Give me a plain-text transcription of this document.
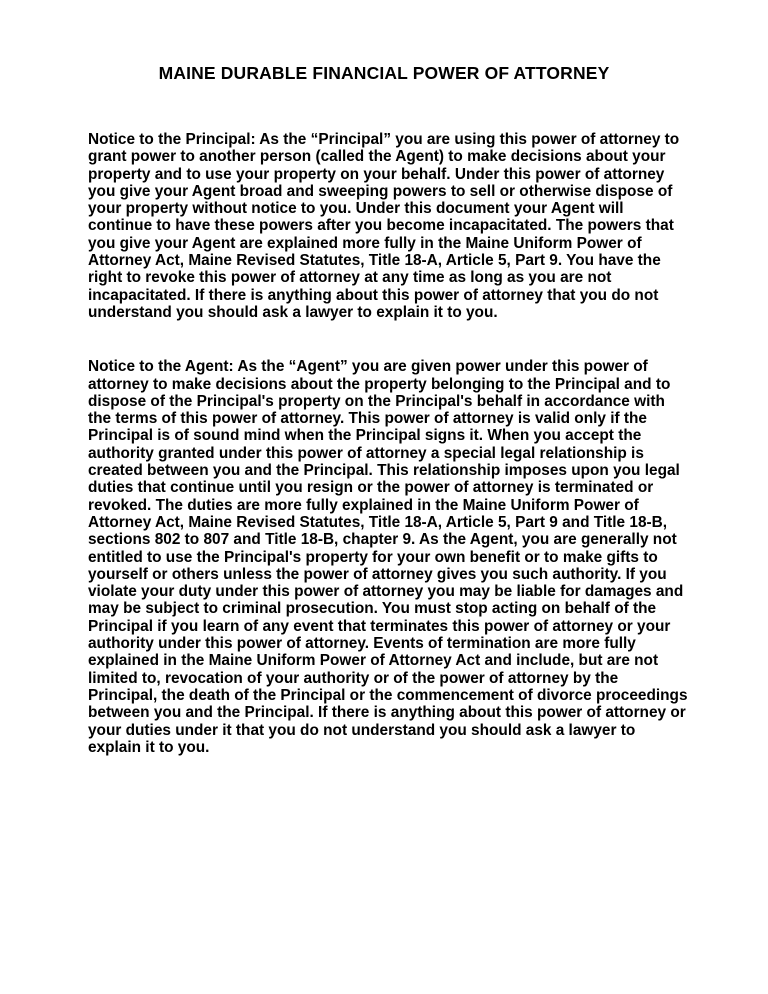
MAINE DURABLE FINANCIAL POWER OF ATTORNEY
Notice to the Principal: As the “Principal” you are using this power of attorney to
grant power to another person (called the Agent) to make decisions about your
property and to use your property on your behalf. Under this power of attorney
you give your Agent broad and sweeping powers to sell or otherwise dispose of
your property without notice to you. Under this document your Agent will
continue to have these powers after you become incapacitated. The powers that
you give your Agent are explained more fully in the Maine Uniform Power of
Attorney Act, Maine Revised Statutes, Title 18-A, Article 5, Part 9. You have the
right to revoke this power of attorney at any time as long as you are not
incapacitated. If there is anything about this power of attorney that you do not
understand you should ask a lawyer to explain it to you.
Notice to the Agent: As the “Agent” you are given power under this power of
attorney to make decisions about the property belonging to the Principal and to
dispose of the Principal's property on the Principal's behalf in accordance with
the terms of this power of attorney. This power of attorney is valid only if the
Principal is of sound mind when the Principal signs it. When you accept the
authority granted under this power of attorney a special legal relationship is
created between you and the Principal. This relationship imposes upon you legal
duties that continue until you resign or the power of attorney is terminated or
revoked. The duties are more fully explained in the Maine Uniform Power of
Attorney Act, Maine Revised Statutes, Title 18-A, Article 5, Part 9 and Title 18-B,
sections 802 to 807 and Title 18-B, chapter 9. As the Agent, you are generally not
entitled to use the Principal's property for your own benefit or to make gifts to
yourself or others unless the power of attorney gives you such authority. If you
violate your duty under this power of attorney you may be liable for damages and
may be subject to criminal prosecution. You must stop acting on behalf of the
Principal if you learn of any event that terminates this power of attorney or your
authority under this power of attorney. Events of termination are more fully
explained in the Maine Uniform Power of Attorney Act and include, but are not
limited to, revocation of your authority or of the power of attorney by the
Principal, the death of the Principal or the commencement of divorce proceedings
between you and the Principal. If there is anything about this power of attorney or
your duties under it that you do not understand you should ask a lawyer to
explain it to you.
